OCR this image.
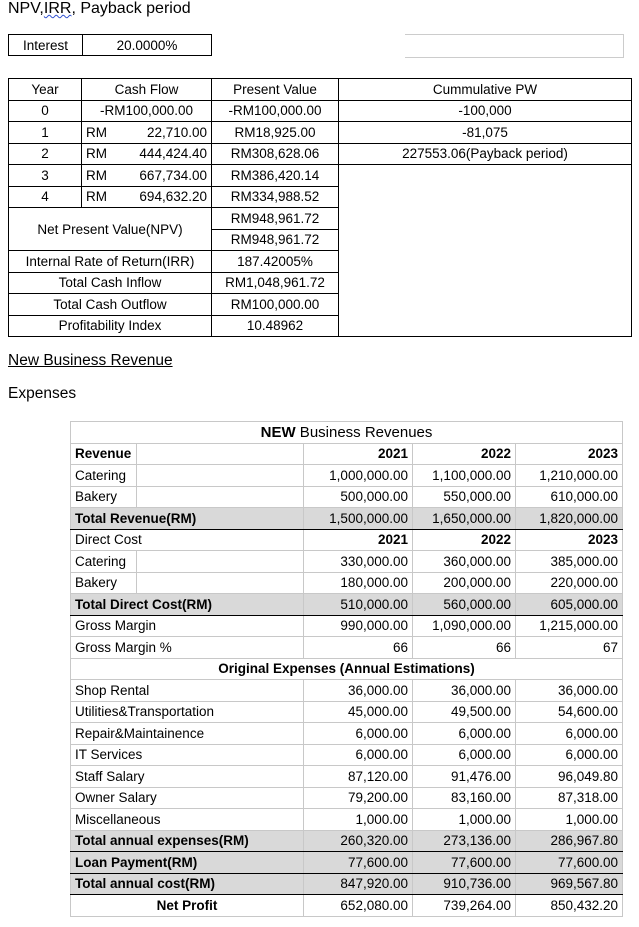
NPV,IRR, Payback period
Interest	20.0000%
Year	Cash Flow	Present Value	Cummulative PW
0	-RM100,000.00	-RM100,000.00	-100,000
1	RM 22,710.00	RM18,925.00	-81,075
2	RM 444,424.40	RM308,628.06	227553.06(Payback period)
3	RM 667,734.00	RM386,420.14	
4	RM 694,632.20	RM334,988.52	
Net Present Value(NPV)		RM948,961.72	
		RM948,961.72	
Internal Rate of Return(IRR)		187.42005%	
Total Cash Inflow		RM1,048,961.72	
Total Cash Outflow		RM100,000.00	
Profitability Index		10.48962	
New Business Revenue
Expenses
NEW Business Revenues				
Revenue		2021	2022	2023
Catering		1,000,000.00	1,100,000.00	1,210,000.00
Bakery		500,000.00	550,000.00	610,000.00
Total Revenue(RM)		1,500,000.00	1,650,000.00	1,820,000.00
Direct Cost		2021	2022	2023
Catering		330,000.00	360,000.00	385,000.00
Bakery		180,000.00	200,000.00	220,000.00
Total Direct Cost(RM)		510,000.00	560,000.00	605,000.00
Gross Margin		990,000.00	1,090,000.00	1,215,000.00
Gross Margin %		66	66	67
Original Expenses (Annual Estimations)				
Shop Rental		36,000.00	36,000.00	36,000.00
Utilities&Transportation		45,000.00	49,500.00	54,600.00
Repair&Maintainence		6,000.00	6,000.00	6,000.00
IT Services		6,000.00	6,000.00	6,000.00
Staff Salary		87,120.00	91,476.00	96,049.80
Owner Salary		79,200.00	83,160.00	87,318.00
Miscellaneous		1,000.00	1,000.00	1,000.00
Total annual expenses(RM)		260,320.00	273,136.00	286,967.80
Loan Payment(RM)		77,600.00	77,600.00	77,600.00
Total annual cost(RM)		847,920.00	910,736.00	969,567.80
Net Profit		652,080.00	739,264.00	850,432.20
